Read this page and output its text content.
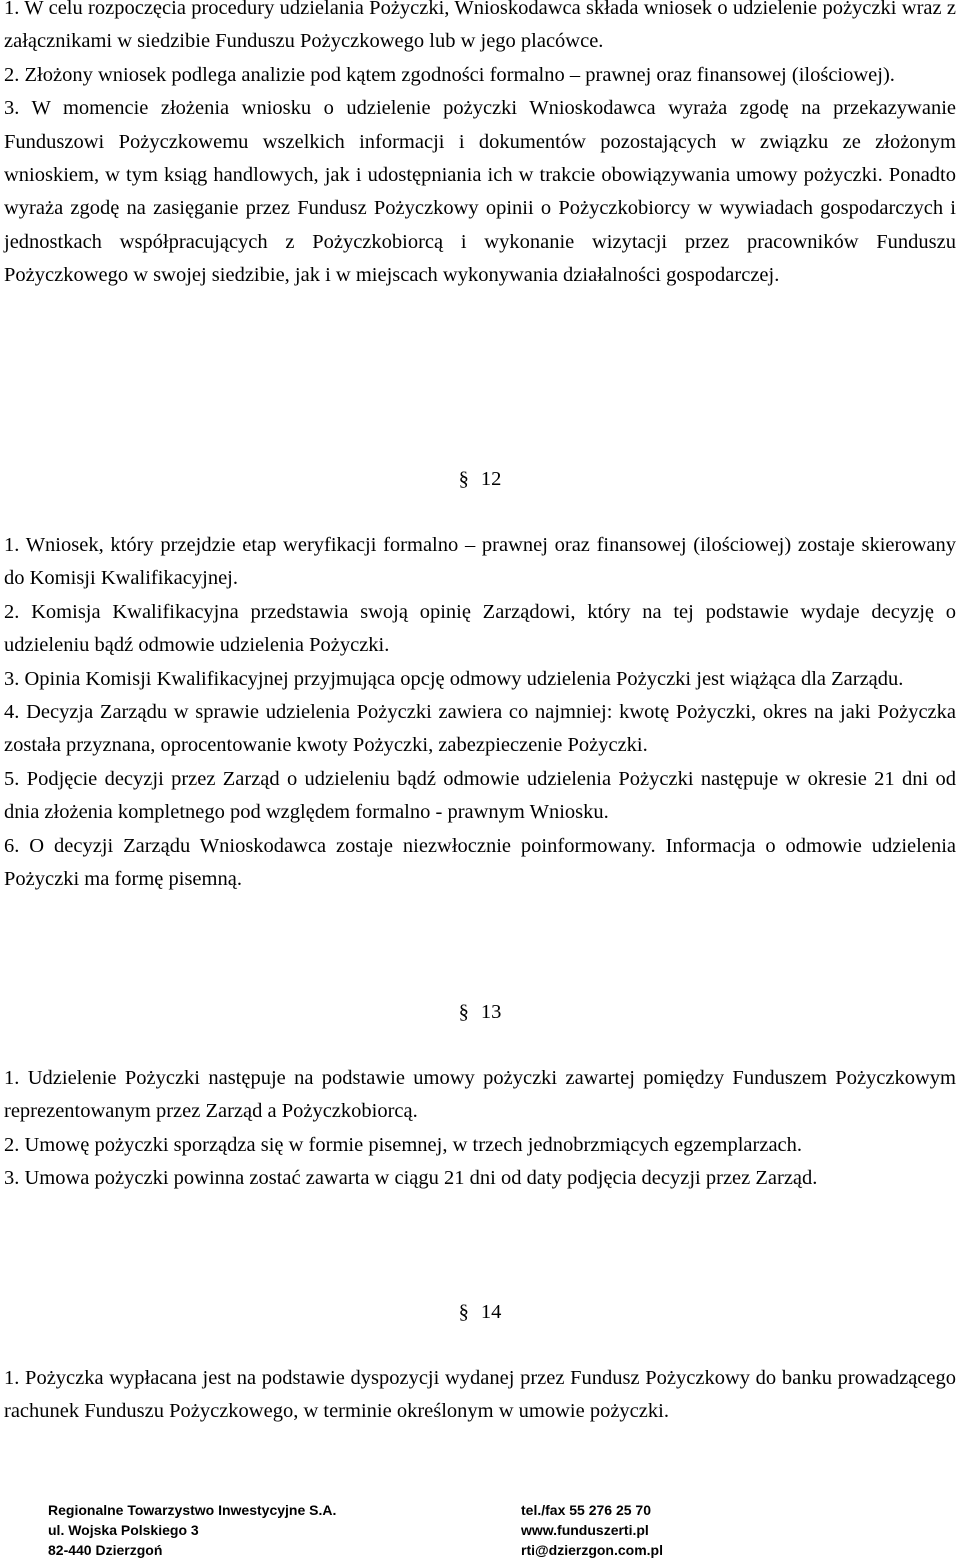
1. W celu rozpoczęcia procedury udzielania Pożyczki, Wnioskodawca składa wniosek o udzielenie pożyczki wraz z załącznikami w siedzibie Funduszu Pożyczkowego lub w jego placówce.

2. Złożony wniosek podlega analizie pod kątem zgodności formalno – prawnej oraz finansowej (ilościowej).

3. W momencie złożenia wniosku o udzielenie pożyczki Wnioskodawca wyraża zgodę na przekazywanie Funduszowi Pożyczkowemu wszelkich informacji i dokumentów pozostających w związku ze złożonym wnioskiem, w tym ksiąg handlowych, jak i udostępniania ich w trakcie obowiązywania umowy pożyczki. Ponadto wyraża zgodę na zasięganie przez Fundusz Pożyczkowy opinii o Pożyczkobiorcy w wywiadach gospodarczych i jednostkach współpracujących z Pożyczkobiorcą i wykonanie wizytacji przez pracowników Funduszu Pożyczkowego w swojej siedzibie, jak i w miejscach wykonywania działalności gospodarczej.

§ 12

1. Wniosek, który przejdzie etap weryfikacji formalno – prawnej oraz finansowej (ilościowej) zostaje skierowany do Komisji Kwalifikacyjnej.

2. Komisja Kwalifikacyjna przedstawia swoją opinię Zarządowi, który na tej podstawie wydaje decyzję o udzieleniu bądź odmowie udzielenia Pożyczki.

3. Opinia Komisji Kwalifikacyjnej przyjmująca opcję odmowy udzielenia Pożyczki jest wiążąca dla Zarządu.

4. Decyzja Zarządu w sprawie udzielenia Pożyczki zawiera co najmniej: kwotę Pożyczki, okres na jaki Pożyczka została przyznana, oprocentowanie kwoty Pożyczki, zabezpieczenie Pożyczki.

5. Podjęcie decyzji przez Zarząd o udzieleniu bądź odmowie udzielenia Pożyczki następuje w okresie 21 dni od dnia złożenia kompletnego pod względem formalno - prawnym Wniosku.

6. O decyzji Zarządu Wnioskodawca zostaje niezwłocznie poinformowany. Informacja o odmowie udzielenia Pożyczki ma formę pisemną.

§ 13

1. Udzielenie Pożyczki następuje na podstawie umowy pożyczki zawartej pomiędzy Funduszem Pożyczkowym reprezentowanym przez Zarząd a Pożyczkobiorcą.

2. Umowę pożyczki sporządza się w formie pisemnej, w trzech jednobrzmiących egzemplarzach.

3. Umowa pożyczki powinna zostać zawarta w ciągu 21 dni od daty podjęcia decyzji przez Zarząd.

§ 14

1. Pożyczka wypłacana jest na podstawie dyspozycji wydanej przez Fundusz Pożyczkowy do banku prowadzącego rachunek Funduszu Pożyczkowego, w terminie określonym w umowie pożyczki.

Regionalne Towarzystwo Inwestycyjne S.A.
ul. Wojska Polskiego 3
82-440 Dzierzgoń
tel./fax 55 276 25 70
www.funduszerti.pl
rti@dzierzgon.com.pl
